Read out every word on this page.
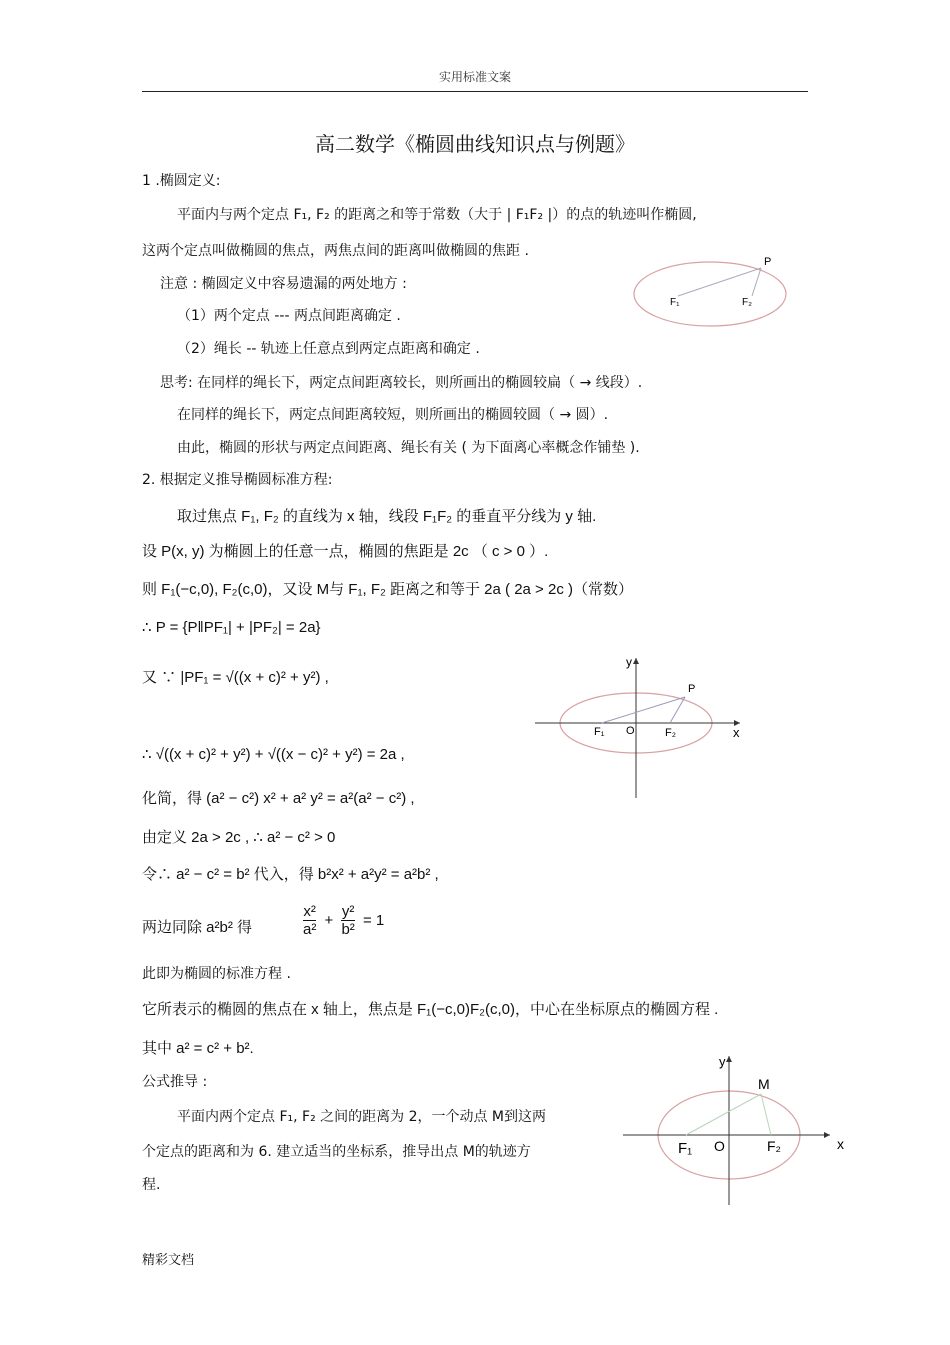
实用标准文案
高二数学《椭圆曲线知识点与例题》
1 .椭圆定义:
平面内与两个定点 F₁, F₂ 的距离之和等于常数（大于 | F₁F₂ |）的点的轨迹叫作椭圆,
这两个定点叫做椭圆的焦点，两焦点间的距离叫做椭圆的焦距 .
注意 : 椭圆定义中容易遗漏的两处地方 :
（1）两个定点 --- 两点间距离确定 .
（2）绳长 -- 轨迹上任意点到两定点距离和确定 .
思考: 在同样的绳长下，两定点间距离较长，则所画出的椭圆较扁（ → 线段）.
在同样的绳长下，两定点间距离较短，则所画出的椭圆较圆（ → 圆）.
由此，椭圆的形状与两定点间距离、绳长有关 ( 为下面离心率概念作铺垫 ).
2. 根据定义推导椭圆标准方程:
取过焦点 F₁, F₂ 的直线为 x 轴，线段 F₁F₂ 的垂直平分线为 y 轴.
设 P(x, y) 为椭圆上的任意一点，椭圆的焦距是 2c （ c > 0 ）.
则 F₁(−c,0), F₂(c,0)，又设 M与 F₁, F₂ 距离之和等于 2a ( 2a > 2c )（常数）
∴ P = {P‖PF₁| + |PF₂| = 2a}
又 ∵ |PF₁ = √((x + c)² + y²) ,
∴ √((x + c)² + y²) + √((x − c)² + y²) = 2a ,
化简，得 (a² − c²) x² + a² y² = a²(a² − c²) ,
由定义 2a > 2c , ∴ a² − c² > 0
令∴ a² − c² = b² 代入，得 b²x² + a²y² = a²b² ,
两边同除 a²b² 得	$\frac{\text{x²}}{\text{a²}} + \frac{\text{y²}}{\text{b²}} = 1$
此即为椭圆的标准方程 .
它所表示的椭圆的焦点在 x 轴上，焦点是 F₁(−c,0)F₂(c,0)，中心在坐标原点的椭圆方程 .
其中 a² = c² + b².
公式推导 :
平面内两个定点 F₁, F₂ 之间的距离为 2，一个动点 M到这两
个定点的距离和为 6. 建立适当的坐标系，推导出点 M的轨迹方
程.
精彩文档
P
F₁	F₂
y
x
P
F₁ O	F₂
y
x
M
F₁ O	F₂
